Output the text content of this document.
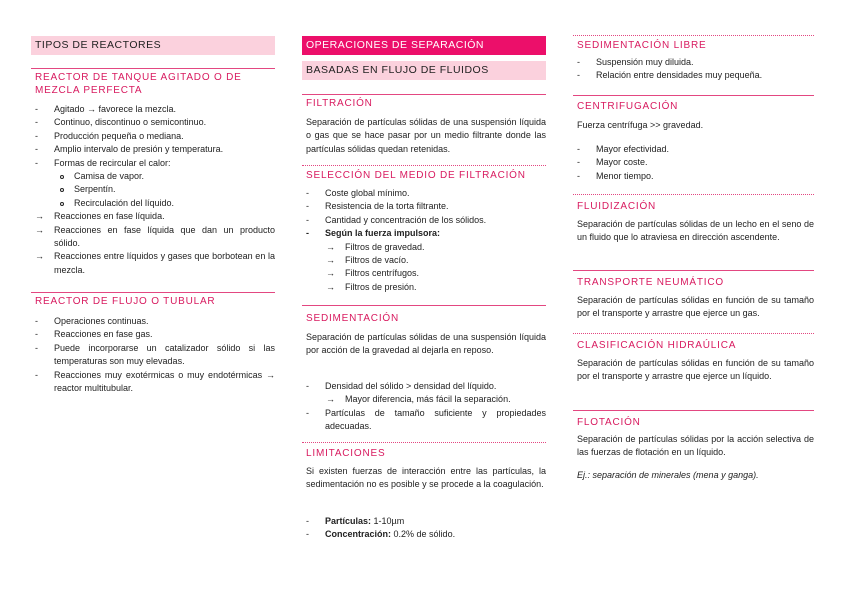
TIPOS DE REACTORES
REACTOR DE TANQUE AGITADO O DE MEZCLA PERFECTA
- Agitado → favorece la mezcla.
- Continuo, discontinuo o semicontinuo.
- Producción pequeña o mediana.
- Amplio intervalo de presión y temperatura.
- Formas de recircular el calor:
Camisa de vapor.
Serpentín.
Recirculación del líquido.
→ Reacciones en fase líquida.
→ Reacciones en fase líquida que dan un producto sólido.
→ Reacciones entre líquidos y gases que borbotean en la mezcla.
REACTOR DE FLUJO O TUBULAR
- Operaciones continuas.
- Reacciones en fase gas.
- Puede incorporarse un catalizador sólido si las temperaturas son muy elevadas.
- Reacciones muy exotérmicas o muy endotérmicas → reactor multitubular.
OPERACIONES DE SEPARACIÓN
BASADAS EN FLUJO DE FLUIDOS
FILTRACIÓN
Separación de partículas sólidas de una suspensión líquida o gas que se hace pasar por un medio filtrante donde las partículas sólidas quedan retenidas.
SELECCIÓN DEL MEDIO DE FILTRACIÓN
- Coste global mínimo.
- Resistencia de la torta filtrante.
- Cantidad y concentración de los sólidos.
- Según la fuerza impulsora:
→ Filtros de gravedad.
→ Filtros de vacío.
→ Filtros centrífugos.
→ Filtros de presión.
SEDIMENTACIÓN
Separación de partículas sólidas de una suspensión líquida por acción de la gravedad al dejarla en reposo.
- Densidad del sólido > densidad del líquido.
→ Mayor diferencia, más fácil la separación.
- Partículas de tamaño suficiente y propiedades adecuadas.
LIMITACIONES
Si existen fuerzas de interacción entre las partículas, la sedimentación no es posible y se procede a la coagulación.
- Partículas: 1-10µm
- Concentración: 0.2% de sólido.
SEDIMENTACIÓN LIBRE
- Suspensión muy diluida.
- Relación entre densidades muy pequeña.
CENTRIFUGACIÓN
Fuerza centrífuga >> gravedad.
- Mayor efectividad.
- Mayor coste.
- Menor tiempo.
FLUIDIZACIÓN
Separación de partículas sólidas de un lecho en el seno de un fluido que lo atraviesa en dirección ascendente.
TRANSPORTE NEUMÁTICO
Separación de partículas sólidas en función de su tamaño por el transporte y arrastre que ejerce un gas.
CLASIFICACIÓN HIDRAÚLICA
Separación de partículas sólidas en función de su tamaño por el transporte y arrastre que ejerce un líquido.
FLOTACIÓN
Separación de partículas sólidas por la acción selectiva de las fuerzas de flotación en un líquido.
Ej.: separación de minerales (mena y ganga).
